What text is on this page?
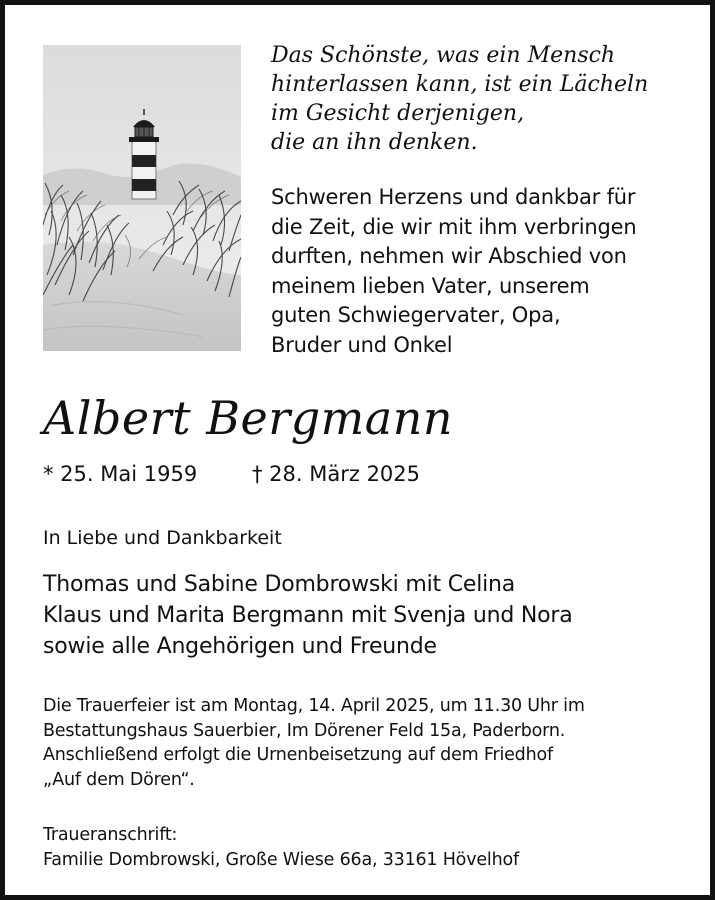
Das Schönste, was ein Mensch
hinterlassen kann, ist ein Lächeln
im Gesicht derjenigen,
die an ihn denken.
Schweren Herzens und dankbar für
die Zeit, die wir mit ihm verbringen
durften, nehmen wir Abschied von
meinem lieben Vater, unserem
guten Schwiegervater, Opa,
Bruder und Onkel
Albert Bergmann
* 25. Mai 1959	† 28. März 2025
In Liebe und Dankbarkeit
Thomas und Sabine Dombrowski mit Celina
Klaus und Marita Bergmann mit Svenja und Nora
sowie alle Angehörigen und Freunde
Die Trauerfeier ist am Montag, 14. April 2025, um 11.30 Uhr im
Bestattungshaus Sauerbier, Im Dörener Feld 15a, Paderborn.
Anschließend erfolgt die Urnenbeisetzung auf dem Friedhof
„Auf dem Dören“.
Traueranschrift:
Familie Dombrowski, Große Wiese 66a, 33161 Hövelhof
